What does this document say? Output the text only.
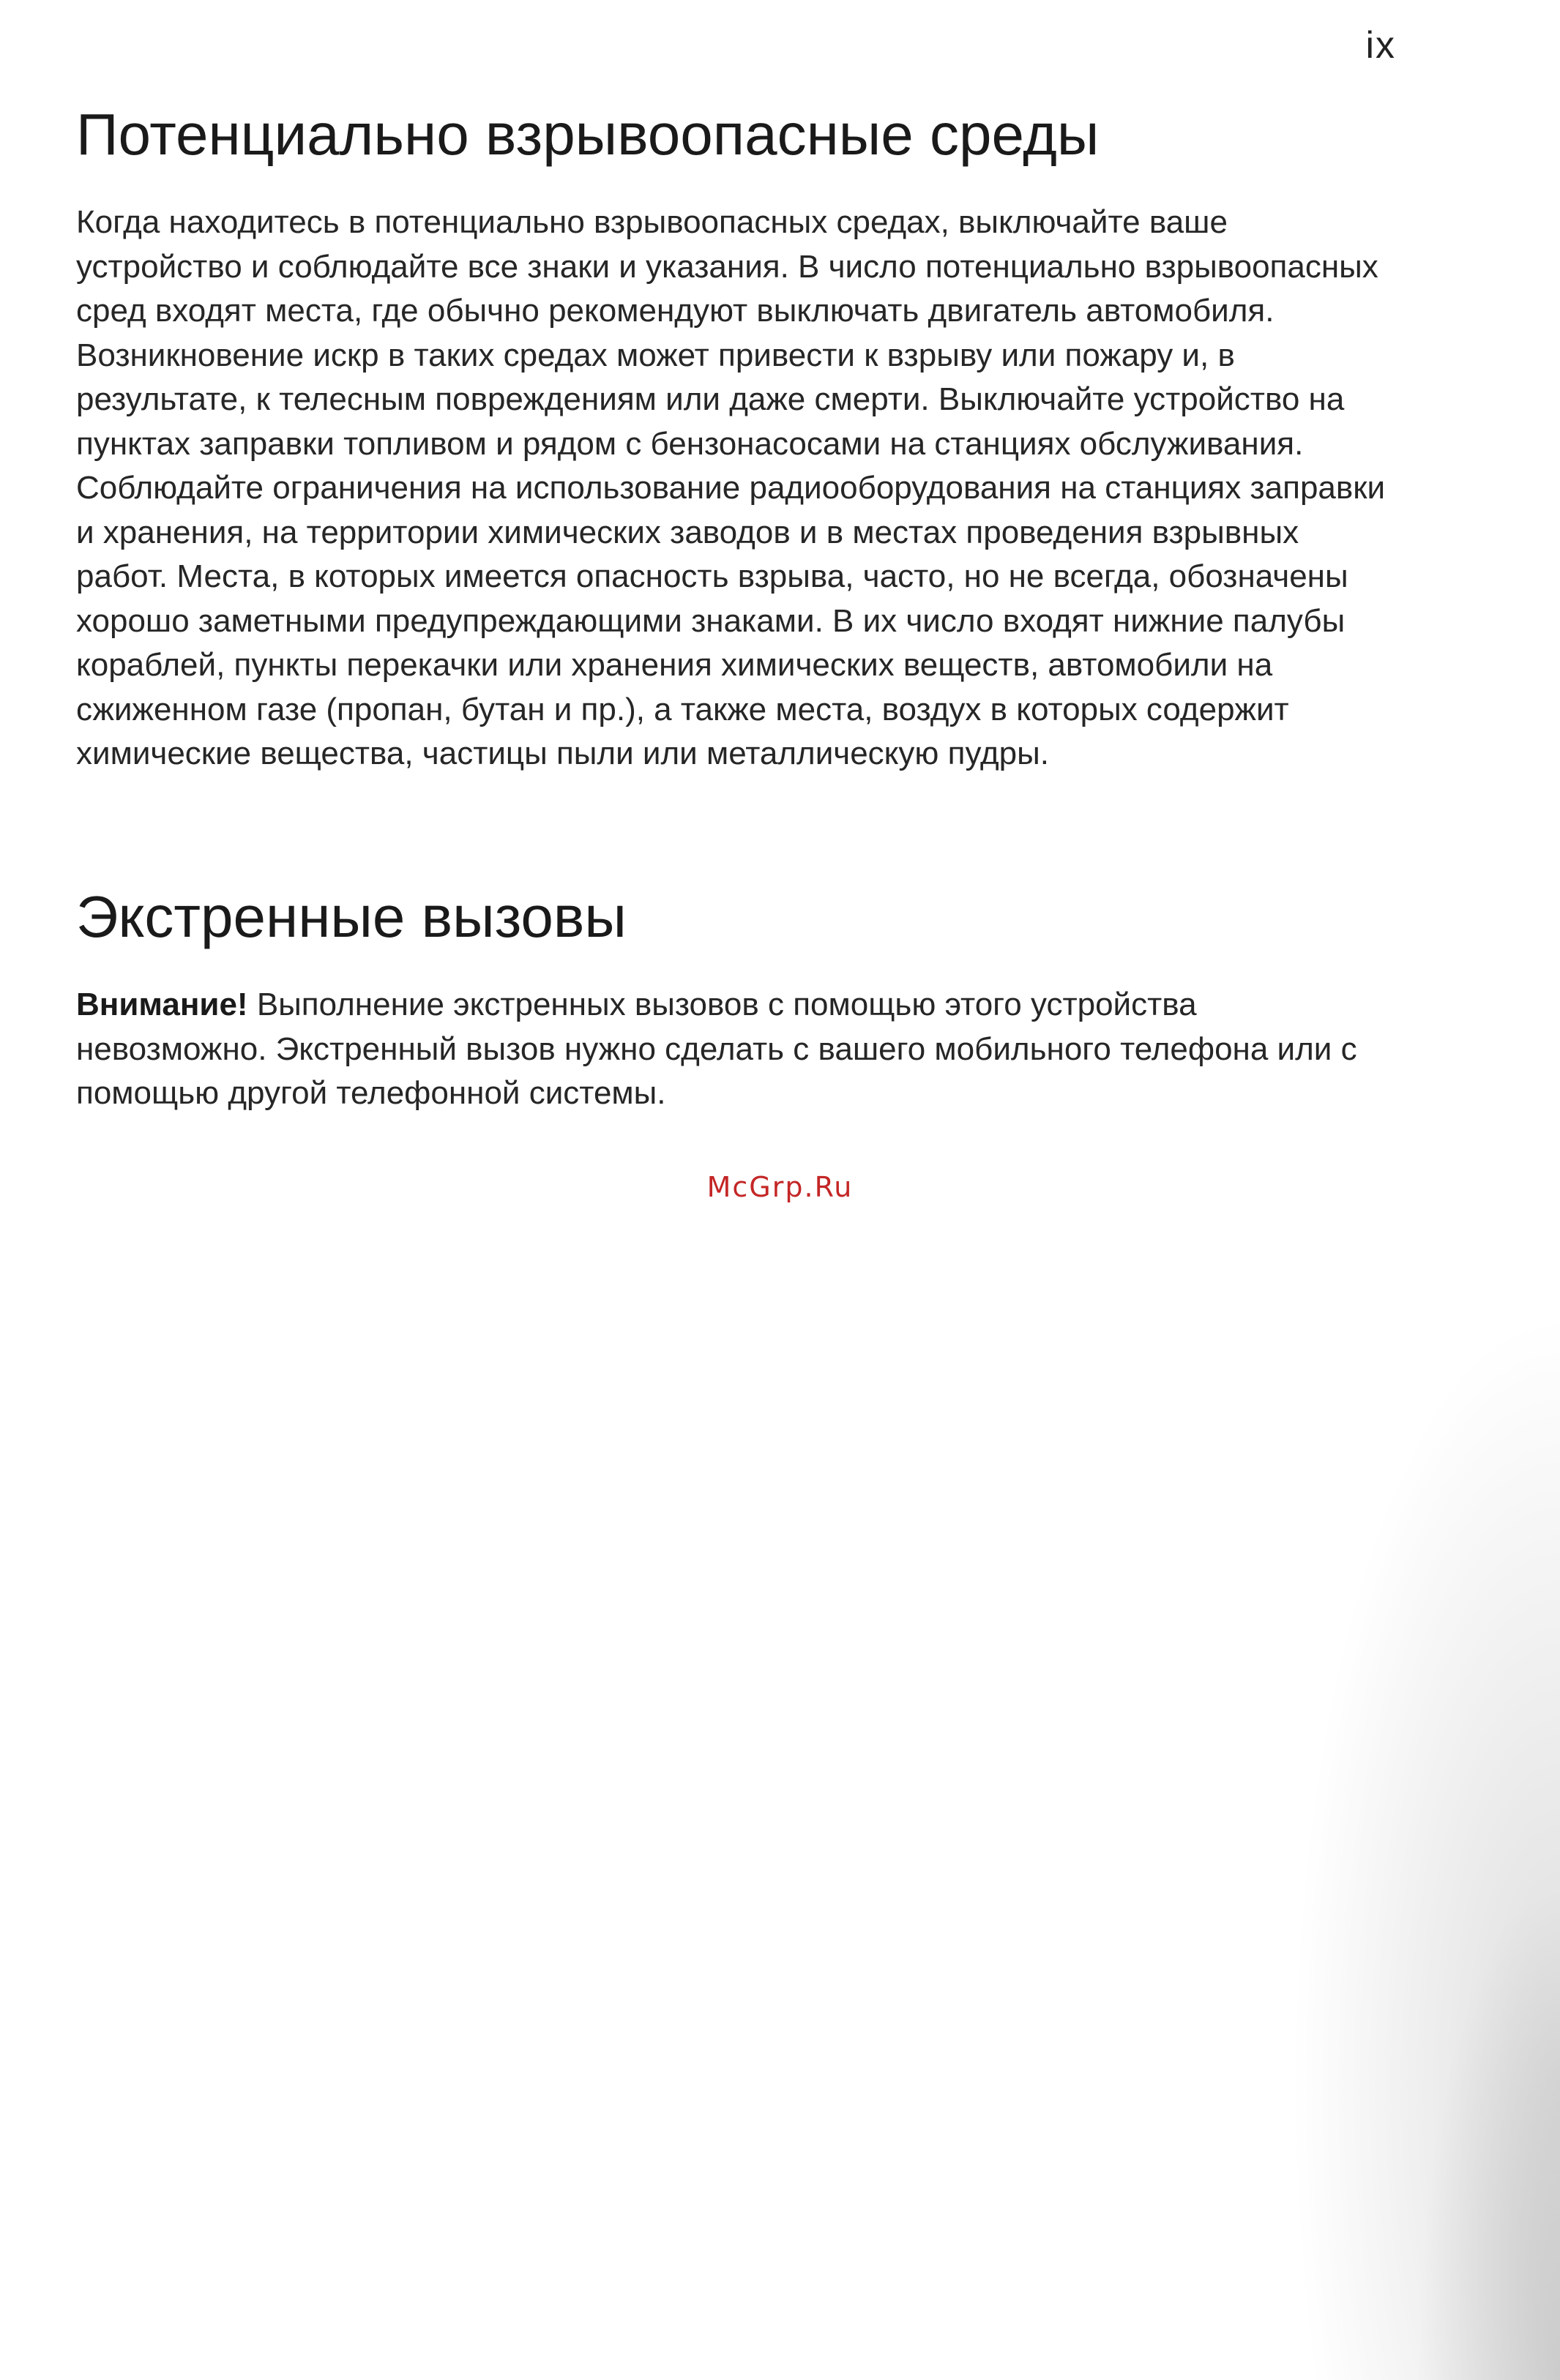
ix
Потенциально взрывоопасные среды

Когда находитесь в потенциально взрывоопасных средах, выключайте ваше устройство и соблюдайте все знаки и указания. В число потенциально взрывоопасных сред входят места, где обычно рекомендуют выключать двигатель автомобиля. Возникновение искр в таких средах может привести к взрыву или пожару и, в результате, к телесным повреждениям или даже смерти. Выключайте устройство на пунктах заправки топливом и рядом с бензонасосами на станциях обслуживания. Соблюдайте ограничения на использование радиооборудования на станциях заправки и хранения, на территории химических заводов и в местах проведения взрывных работ. Места, в которых имеется опасность взрыва, часто, но не всегда, обозначены хорошо заметными предупреждающими знаками. В их число входят нижние палубы кораблей, пункты перекачки или хранения химических веществ, автомобили на сжиженном газе (пропан, бутан и пр.), а также места, воздух в которых содержит химические вещества, частицы пыли или металлическую пудры.

Экстренные вызовы

Внимание! Выполнение экстренных вызовов с помощью этого устройства невозможно. Экстренный вызов нужно сделать с вашего мобильного телефона или с помощью другой телефонной системы.

McGrp.Ru
